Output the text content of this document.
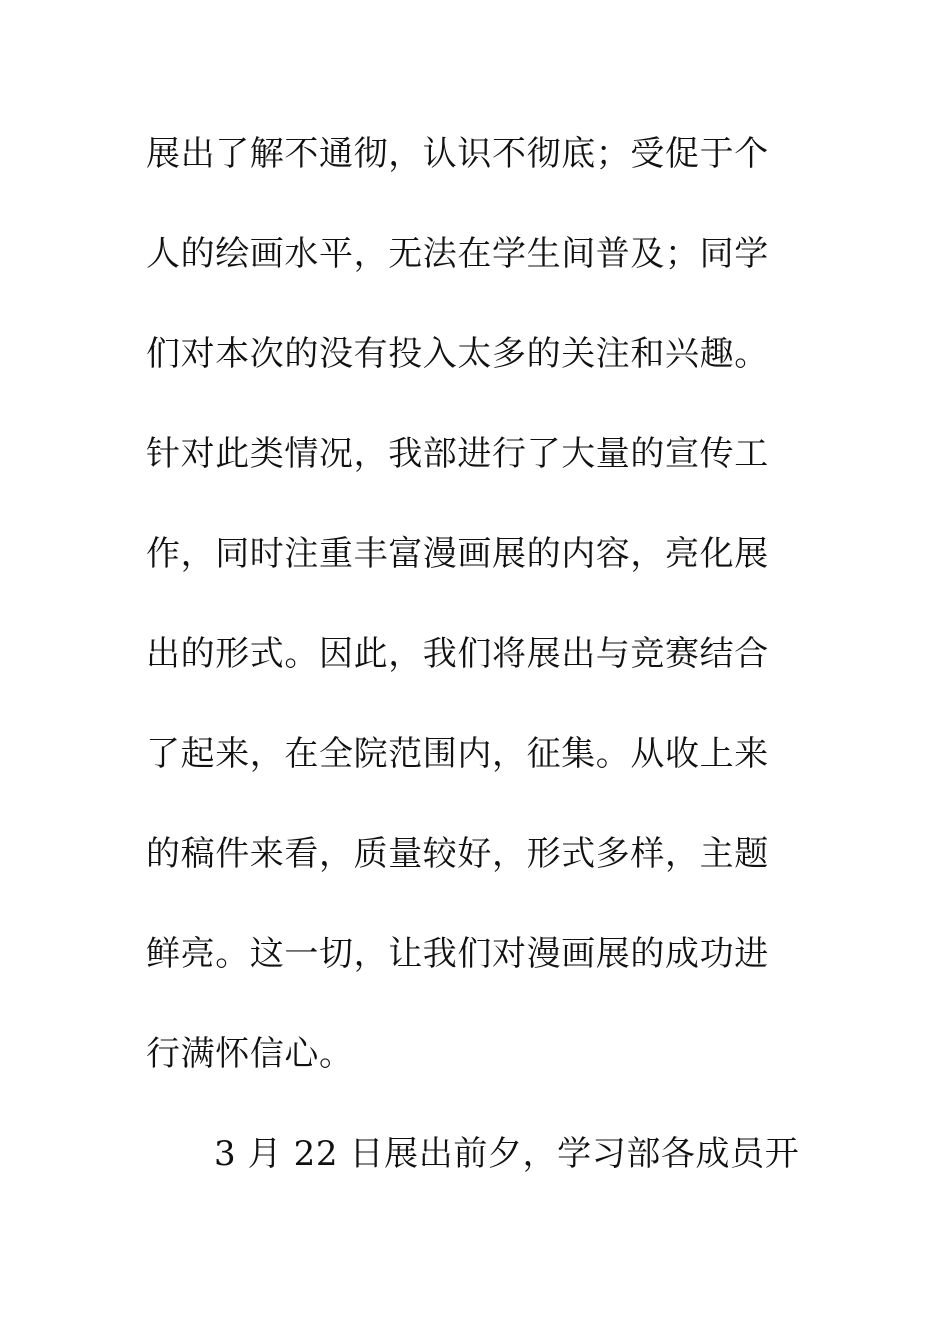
展出了解不通彻，认识不彻底；受促于个
人的绘画水平，无法在学生间普及；同学
们对本次的没有投入太多的关注和兴趣。
针对此类情况，我部进行了大量的宣传工
作，同时注重丰富漫画展的内容，亮化展
出的形式。因此，我们将展出与竞赛结合
了起来，在全院范围内，征集。从收上来
的稿件来看，质量较好，形式多样，主题
鲜亮。这一切，让我们对漫画展的成功进
行满怀信心。
3 月 22 日展出前夕，学习部各成员开
